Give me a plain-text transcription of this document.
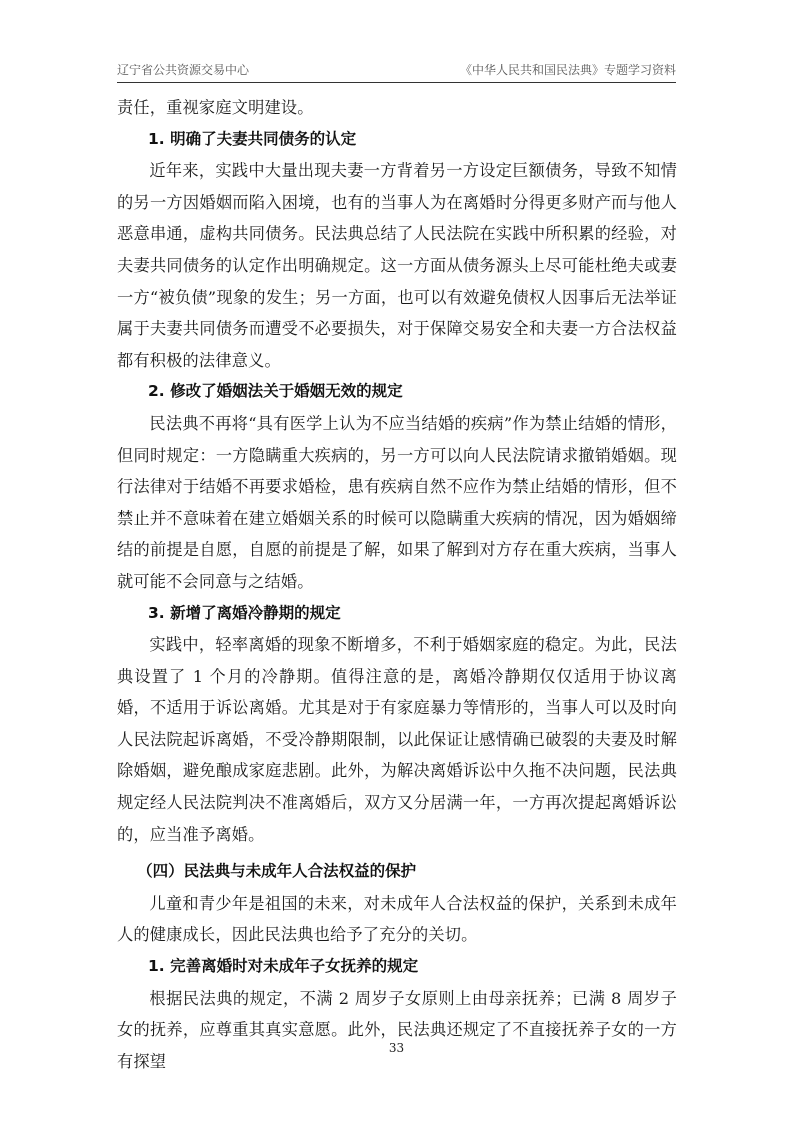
辽宁省公共资源交易中心	《中华人民共和国民法典》专题学习资料

责任，重视家庭文明建设。

1. 明确了夫妻共同债务的认定

近年来，实践中大量出现夫妻一方背着另一方设定巨额债务，导致不知情的另一方因婚姻而陷入困境，也有的当事人为在离婚时分得更多财产而与他人恶意串通，虚构共同债务。民法典总结了人民法院在实践中所积累的经验，对夫妻共同债务的认定作出明确规定。这一方面从债务源头上尽可能杜绝夫或妻一方“被负债”现象的发生；另一方面，也可以有效避免债权人因事后无法举证属于夫妻共同债务而遭受不必要损失，对于保障交易安全和夫妻一方合法权益都有积极的法律意义。

2. 修改了婚姻法关于婚姻无效的规定

民法典不再将“具有医学上认为不应当结婚的疾病”作为禁止结婚的情形，但同时规定：一方隐瞒重大疾病的，另一方可以向人民法院请求撤销婚姻。现行法律对于结婚不再要求婚检，患有疾病自然不应作为禁止结婚的情形，但不禁止并不意味着在建立婚姻关系的时候可以隐瞒重大疾病的情况，因为婚姻缔结的前提是自愿，自愿的前提是了解，如果了解到对方存在重大疾病，当事人就可能不会同意与之结婚。

3. 新增了离婚冷静期的规定

实践中，轻率离婚的现象不断增多，不利于婚姻家庭的稳定。为此，民法典设置了 1 个月的冷静期。值得注意的是，离婚冷静期仅仅适用于协议离婚，不适用于诉讼离婚。尤其是对于有家庭暴力等情形的，当事人可以及时向人民法院起诉离婚，不受冷静期限制，以此保证让感情确已破裂的夫妻及时解除婚姻，避免酿成家庭悲剧。此外，为解决离婚诉讼中久拖不决问题，民法典规定经人民法院判决不准离婚后，双方又分居满一年，一方再次提起离婚诉讼的，应当准予离婚。

（四）民法典与未成年人合法权益的保护

儿童和青少年是祖国的未来，对未成年人合法权益的保护，关系到未成年人的健康成长，因此民法典也给予了充分的关切。

1. 完善离婚时对未成年子女抚养的规定

根据民法典的规定，不满 2 周岁子女原则上由母亲抚养；已满 8 周岁子女的抚养，应尊重其真实意愿。此外，民法典还规定了不直接抚养子女的一方有探望

33
